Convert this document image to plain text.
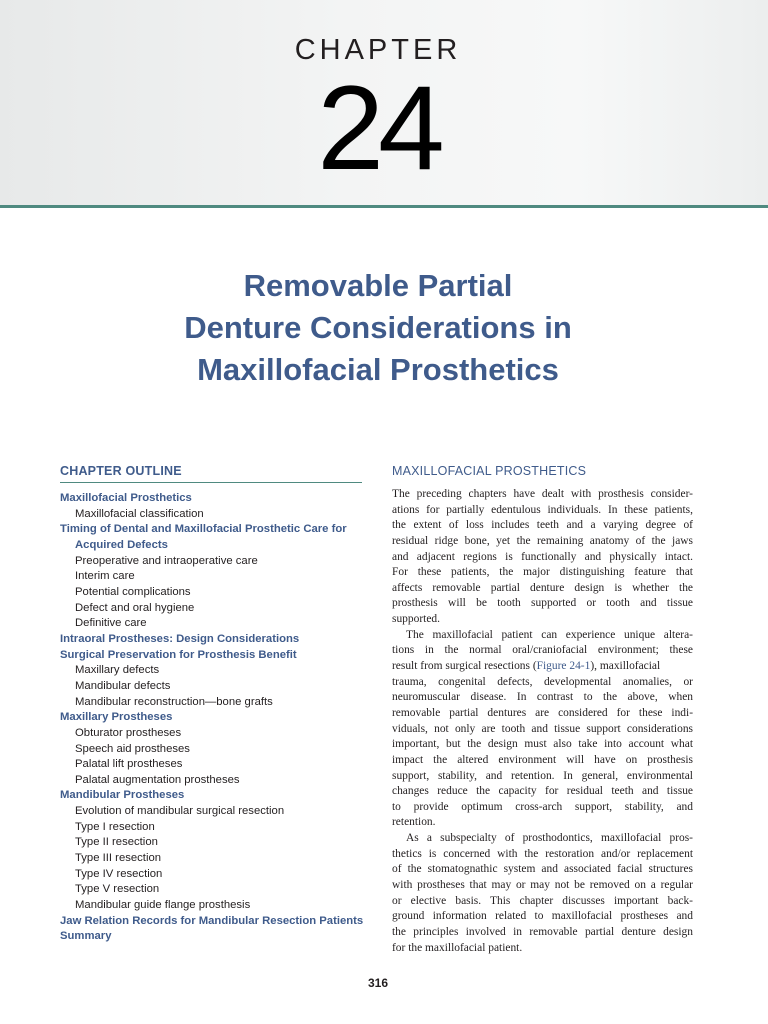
CHAPTER
24
Removable Partial
Denture Considerations in
Maxillofacial Prosthetics
CHAPTER OUTLINE
Maxillofacial Prosthetics
Maxillofacial classification
Timing of Dental and Maxillofacial Prosthetic Care for
Acquired Defects
Preoperative and intraoperative care
Interim care
Potential complications
Defect and oral hygiene
Definitive care
Intraoral Prostheses: Design Considerations
Surgical Preservation for Prosthesis Benefit
Maxillary defects
Mandibular defects
Mandibular reconstruction—bone grafts
Maxillary Prostheses
Obturator prostheses
Speech aid prostheses
Palatal lift prostheses
Palatal augmentation prostheses
Mandibular Prostheses
Evolution of mandibular surgical resection
Type I resection
Type II resection
Type III resection
Type IV resection
Type V resection
Mandibular guide flange prosthesis
Jaw Relation Records for Mandibular Resection Patients
Summary
MAXILLOFACIAL PROSTHETICS
The preceding chapters have dealt with prosthesis consider-
ations for partially edentulous individuals. In these patients,
the extent of loss includes teeth and a varying degree of
residual ridge bone, yet the remaining anatomy of the jaws
and adjacent regions is functionally and physically intact.
For these patients, the major distinguishing feature that
affects removable partial denture design is whether the
prosthesis will be tooth supported or tooth and tissue
supported.
The maxillofacial patient can experience unique altera-
tions in the normal oral/craniofacial environment; these
result from surgical resections (Figure 24-1), maxillofacial
trauma, congenital defects, developmental anomalies, or
neuromuscular disease. In contrast to the above, when
removable partial dentures are considered for these indi-
viduals, not only are tooth and tissue support considerations
important, but the design must also take into account what
impact the altered environment will have on prosthesis
support, stability, and retention. In general, environmental
changes reduce the capacity for residual teeth and tissue
to provide optimum cross-arch support, stability, and
retention.
As a subspecialty of prosthodontics, maxillofacial pros-
thetics is concerned with the restoration and/or replacement
of the stomatognathic system and associated facial structures
with prostheses that may or may not be removed on a regular
or elective basis. This chapter discusses important back-
ground information related to maxillofacial prostheses and
the principles involved in removable partial denture design
for the maxillofacial patient.
316
